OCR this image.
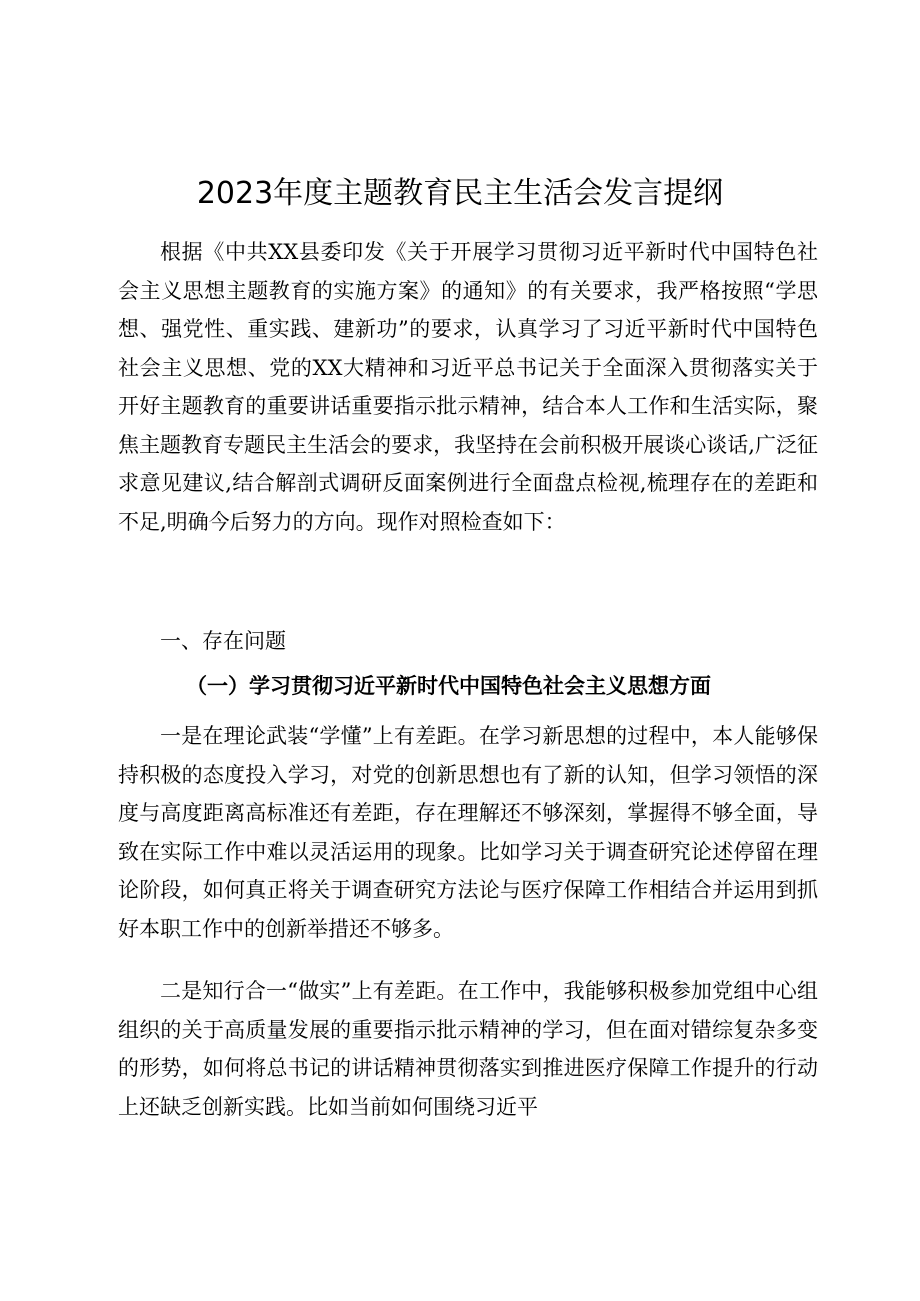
2023年度主题教育民主生活会发言提纲

根据《中共XX县委印发《关于开展学习贯彻习近平新时代中国特色社会主义思想主题教育的实施方案》的通知》的有关要求，我严格按照“学思想、强党性、重实践、建新功”的要求，认真学习了习近平新时代中国特色社会主义思想、党的XX大精神和习近平总书记关于全面深入贯彻落实关于开好主题教育的重要讲话重要指示批示精神，结合本人工作和生活实际，聚焦主题教育专题民主生活会的要求，我坚持在会前积极开展谈心谈话,广泛征求意见建议,结合解剖式调研反面案例进行全面盘点检视,梳理存在的差距和不足,明确今后努力的方向。现作对照检查如下：

一、存在问题
（一）学习贯彻习近平新时代中国特色社会主义思想方面

一是在理论武装“学懂”上有差距。在学习新思想的过程中，本人能够保持积极的态度投入学习，对党的创新思想也有了新的认知，但学习领悟的深度与高度距离高标准还有差距，存在理解还不够深刻，掌握得不够全面，导致在实际工作中难以灵活运用的现象。比如学习关于调查研究论述停留在理论阶段，如何真正将关于调查研究方法论与医疗保障工作相结合并运用到抓好本职工作中的创新举措还不够多。

二是知行合一“做实”上有差距。在工作中，我能够积极参加党组中心组组织的关于高质量发展的重要指示批示精神的学习，但在面对错综复杂多变的形势，如何将总书记的讲话精神贯彻落实到推进医疗保障工作提升的行动上还缺乏创新实践。比如当前如何围绕习近平
